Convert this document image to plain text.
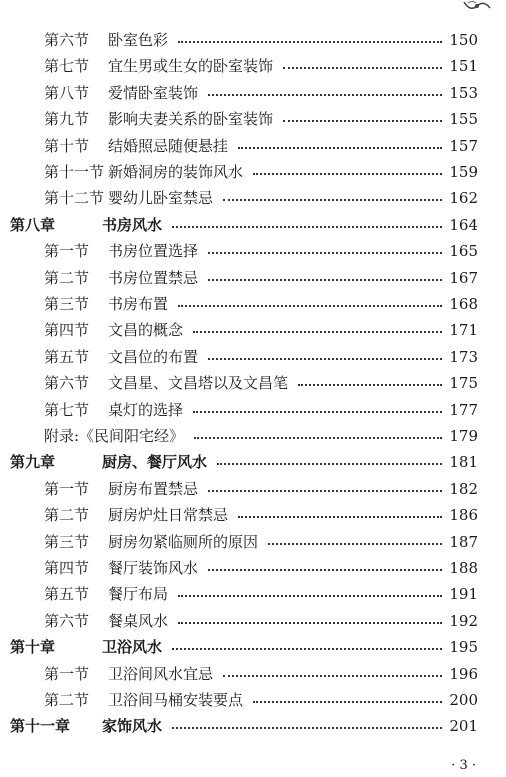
第六节	卧室色彩	150
第七节	宜生男或生女的卧室装饰	151
第八节	爱情卧室装饰	153
第九节	影响夫妻关系的卧室装饰	155
第十节	结婚照忌随便悬挂	157
第十一节 新婚洞房的装饰风水	159
第十二节 婴幼儿卧室禁忌	162
第八章	书房风水	164
第一节	书房位置选择	165
第二节	书房位置禁忌	167
第三节	书房布置	168
第四节	文昌的概念	171
第五节	文昌位的布置	173
第六节	文昌星、文昌塔以及文昌笔	175
第七节	桌灯的选择	177
附录:《民间阳宅经》	179
第九章	厨房、餐厅风水	181
第一节	厨房布置禁忌	182
第二节	厨房炉灶日常禁忌	186
第三节	厨房勿紧临厕所的原因	187
第四节	餐厅装饰风水	188
第五节	餐厅布局	191
第六节	餐桌风水	192
第十章	卫浴风水	195
第一节	卫浴间风水宜忌	196
第二节	卫浴间马桶安装要点	200
第十一章	家饰风水	201
· 3 ·
